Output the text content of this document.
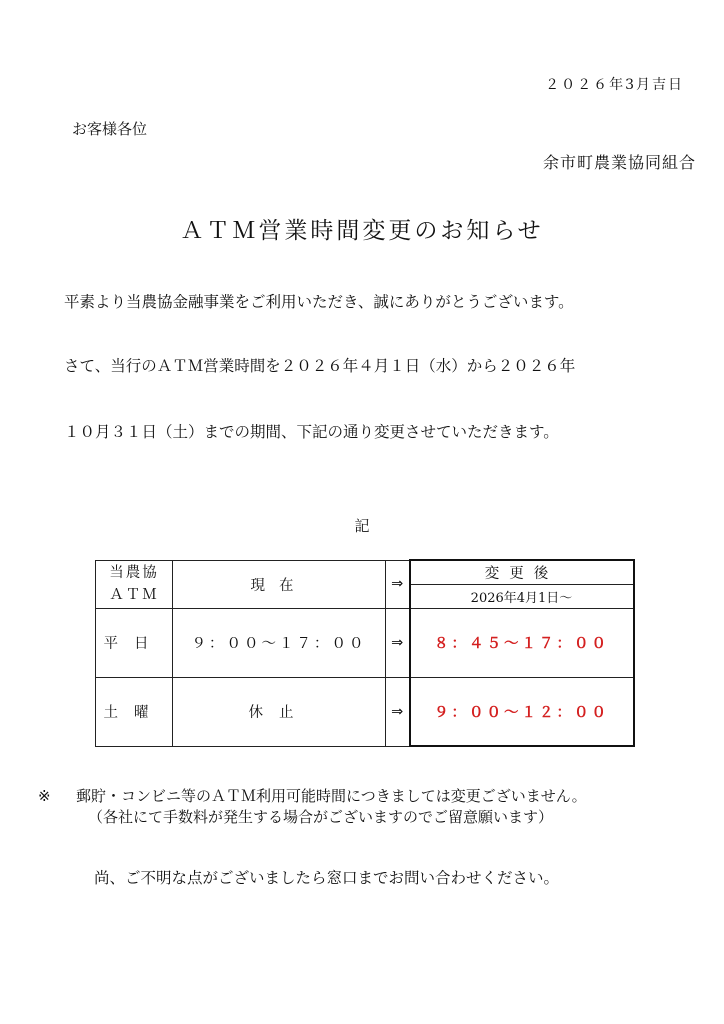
２０２６年3月吉日
お客様各位
余市町農業協同組合
ＡＴＭ営業時間変更のお知らせ
平素より当農協金融事業をご利用いただき、誠にありがとうございます。
さて、当行のＡＴＭ営業時間を２０２６年４月１日（水）から２０２６年
１０月３１日（土）までの期間、下記の通り変更させていただきます。
記
当農協
ＡＴＭ	現在	⇒	変更後
			2026年4月1日～
平日	９：００～１７：００	⇒	８：４５～１７：００
土曜	休止	⇒	９：００～１２：００
※ 郵貯・コンビニ等のＡＴＭ利用可能時間につきましては変更ございません。
（各社にて手数料が発生する場合がございますのでご留意願います）
尚、ご不明な点がございましたら窓口までお問い合わせください。
